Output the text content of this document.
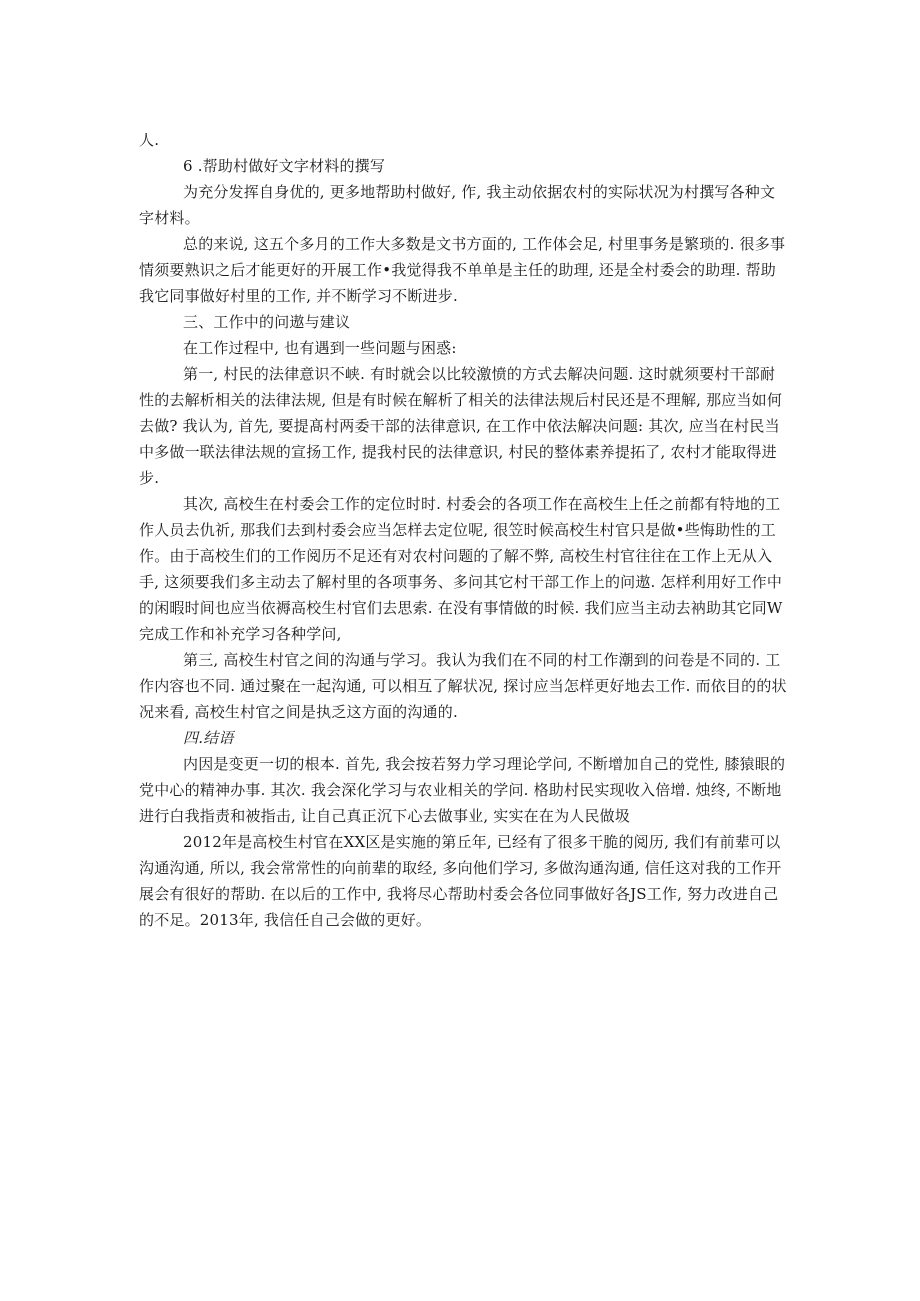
人.

6 .帮助村做好文字材料的撰写

为充分发挥自身优的, 更多地帮助村做好, 作, 我主动依据农村的实际状况为村撰写各种文字材料。

总的来说, 这五个多月的工作大多数是文书方面的, 工作体会足, 村里事务是繁琐的. 很多事情须要熟识之后才能更好的开展工作•我觉得我不单单是主任的助理, 还是全村委会的助理. 帮助我它同事做好村里的工作, 并不断学习不断进步.

三、工作中的问遨与建议

在工作过程中, 也有遇到一些问题与困惑:

第一, 村民的法律意识不峡. 有时就会以比较激愤的方式去解决问题. 这时就须要村干部耐性的去解析相关的法律法规, 但是有时候在解析了相关的法律法规后村民还是不理解, 那应当如何去做? 我认为, 首先, 要提髙村两委干部的法律意识, 在工作中依法解决问题: 其次, 应当在村民当中多做一联法律法规的宣扬工作, 提我村民的法律意识, 村民的整体素养提拓了, 农村才能取得进步.

其次, 高校生在村委会工作的定位时时. 村委会的各项工作在高校生上任之前都有特地的工作人员去仇祈, 那我们去到村委会应当怎样去定位呢, 很笠时候高校生村官只是做•些悔助性的工作。由于高校生们的工作阅历不足还有对农村问题的了解不弊, 高校生村官往往在工作上无从入手, 这须要我们多主动去了解村里的各项事务、多问其它村干部工作上的问遨. 怎样利用好工作中的闲暇时间也应当依褥高校生村官们去思索. 在没有事情做的时候. 我们应当主动去衲助其它同W完成工作和补充学习各种学问,

第三, 高校生村官之间的沟通与学习。我认为我们在不同的村工作潮到的问卷是不同的. 工作内容也不同. 通过聚在一起沟通, 可以相互了解状况, 探讨应当怎样更好地去工作. 而依目的的状况来看, 高校生村官之间是执乏这方面的沟通的.

四.结语

内因是变更一切的根本. 首先, 我会按若努力学习理论学问, 不断增加自己的党性, 膝猿眼的党中心的精神办事. 其次. 我会深化学习与农业相关的学问. 格助村民实现收入倍增. 烛终, 不断地进行白我指责和被指击, 让自己真正沉下心去做事业, 实实在在为人民做圾

2012年是高校生村官在XX区是实施的第丘年, 已经有了很多干脆的阅历, 我们有前辈可以沟通沟通, 所以, 我会常常性的向前辈的取经, 多向他们学习, 多做沟通沟通, 信任这对我的工作开展会有很好的帮助. 在以后的工作中, 我将尽心帮助村委会各位同事做好各JS工作, 努力改进自己的不足。2013年, 我信任自己会做的更好。
